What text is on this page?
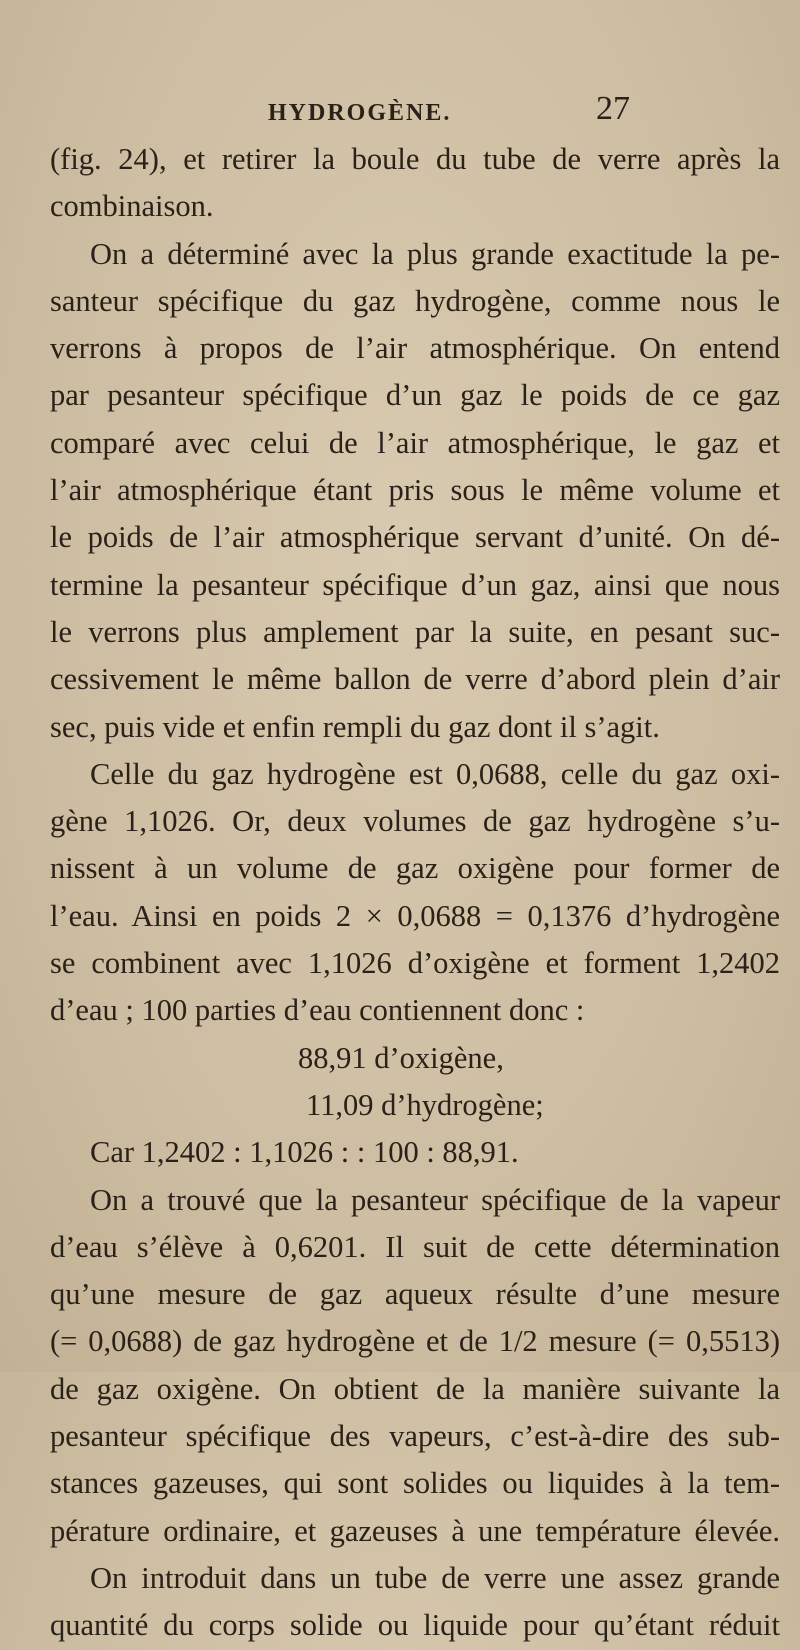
HYDROGÈNE.	27
(fig. 24), et retirer la boule du tube de verre après la
combinaison.
On a déterminé avec la plus grande exactitude la pe-
santeur spécifique du gaz hydrogène, comme nous le
verrons à propos de l’air atmosphérique. On entend
par pesanteur spécifique d’un gaz le poids de ce gaz
comparé avec celui de l’air atmosphérique, le gaz et
l’air atmosphérique étant pris sous le même volume et
le poids de l’air atmosphérique servant d’unité. On dé-
termine la pesanteur spécifique d’un gaz, ainsi que nous
le verrons plus amplement par la suite, en pesant suc-
cessivement le même ballon de verre d’abord plein d’air
sec, puis vide et enfin rempli du gaz dont il s’agit.
Celle du gaz hydrogène est 0,0688, celle du gaz oxi-
gène 1,1026. Or, deux volumes de gaz hydrogène s’u-
nissent à un volume de gaz oxigène pour former de
l’eau. Ainsi en poids 2 × 0,0688 = 0,1376 d’hydrogène
se combinent avec 1,1026 d’oxigène et forment 1,2402
d’eau ; 100 parties d’eau contiennent donc :
88,91 d’oxigène,
11,09 d’hydrogène;
Car 1,2402 : 1,1026 : : 100 : 88,91.
On a trouvé que la pesanteur spécifique de la vapeur
d’eau s’élève à 0,6201. Il suit de cette détermination
qu’une mesure de gaz aqueux résulte d’une mesure
(= 0,0688) de gaz hydrogène et de 1/2 mesure (= 0,5513)
de gaz oxigène. On obtient de la manière suivante la
pesanteur spécifique des vapeurs, c’est-à-dire des sub-
stances gazeuses, qui sont solides ou liquides à la tem-
pérature ordinaire, et gazeuses à une température élevée.
On introduit dans un tube de verre une assez grande
quantité du corps solide ou liquide pour qu’étant réduit
